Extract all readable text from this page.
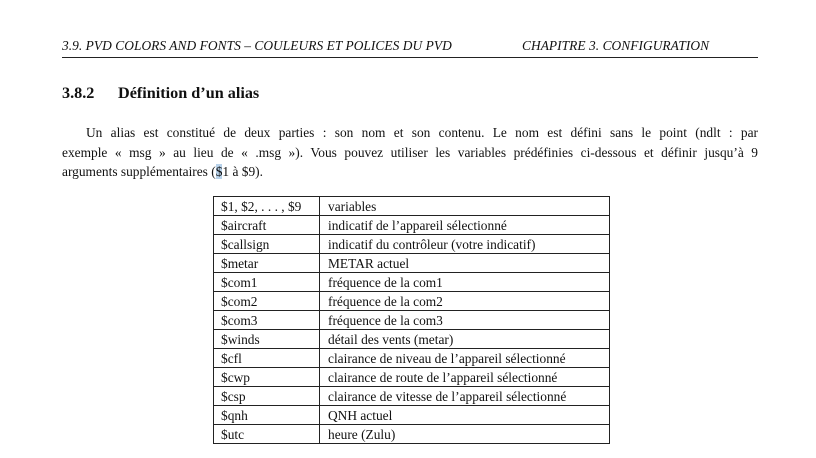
3.9. PVD COLORS AND FONTS – COULEURS ET POLICES DU PVD	CHAPITRE 3. CONFIGURATION
3.8.2 Définition d’un alias
Un alias est constitué de deux parties : son nom et son contenu. Le nom est défini sans le point (ndlt : par
exemple « msg » au lieu de « .msg »). Vous pouvez utiliser les variables prédéfinies ci-dessous et définir jusqu’à 9
arguments supplémentaires ($1 à $9).
$1, $2, . . . , $9	variables
$aircraft	indicatif de l’appareil sélectionné
$callsign	indicatif du contrôleur (votre indicatif)
$metar	METAR actuel
$com1	fréquence de la com1
$com2	fréquence de la com2
$com3	fréquence de la com3
$winds	détail des vents (metar)
$cfl	clairance de niveau de l’appareil sélectionné
$cwp	clairance de route de l’appareil sélectionné
$csp	clairance de vitesse de l’appareil sélectionné
$qnh	QNH actuel
$utc	heure (Zulu)
